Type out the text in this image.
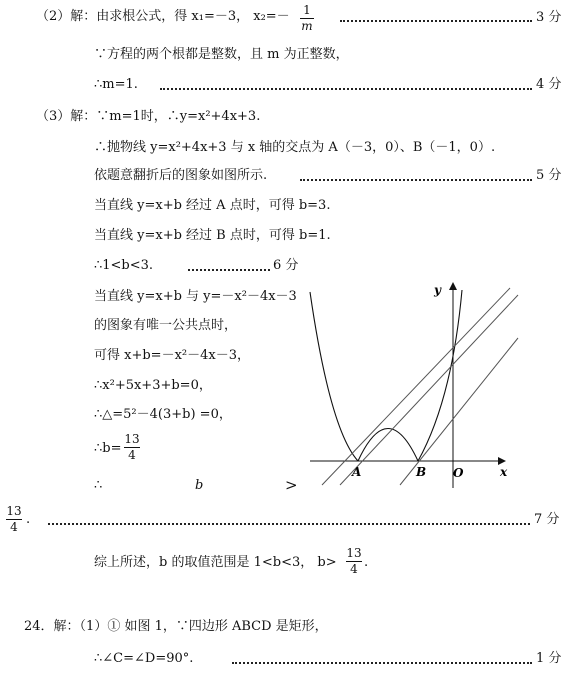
（2）解：由求根公式，得 x₁=－3， x₂=－ 1
m
3 分
∵方程的两个根都是整数，且 m 为正整数，
∴m=1.	4 分
（3）解：∵m=1时，∴y=x²+4x+3.
∴抛物线 y=x²+4x+3 与 x 轴的交点为 A（－3，0）、B（－1，0）.
依题意翻折后的图象如图所示.	5 分
当直线 y=x+b 经过 A 点时，可得 b=3.
当直线 y=x+b 经过 B 点时，可得 b=1.
∴1<b<3.	6 分
当直线 y=x+b 与 y=－x²－4x－3
的图象有唯一公共点时，
可得 x+b=－x²－4x－3，
∴x²+5x+3+b=0，
∴△=5²－4(3+b) =0，
∴b=
13
4
∴	b	>
13
4 .	7 分
综上所述，b 的取值范围是 1<b<3， b>
13
4 .
24．解：（1）① 如图 1，∵四边形 ABCD 是矩形，
∴∠C=∠D=90°.	1 分
y
x
A	B O
